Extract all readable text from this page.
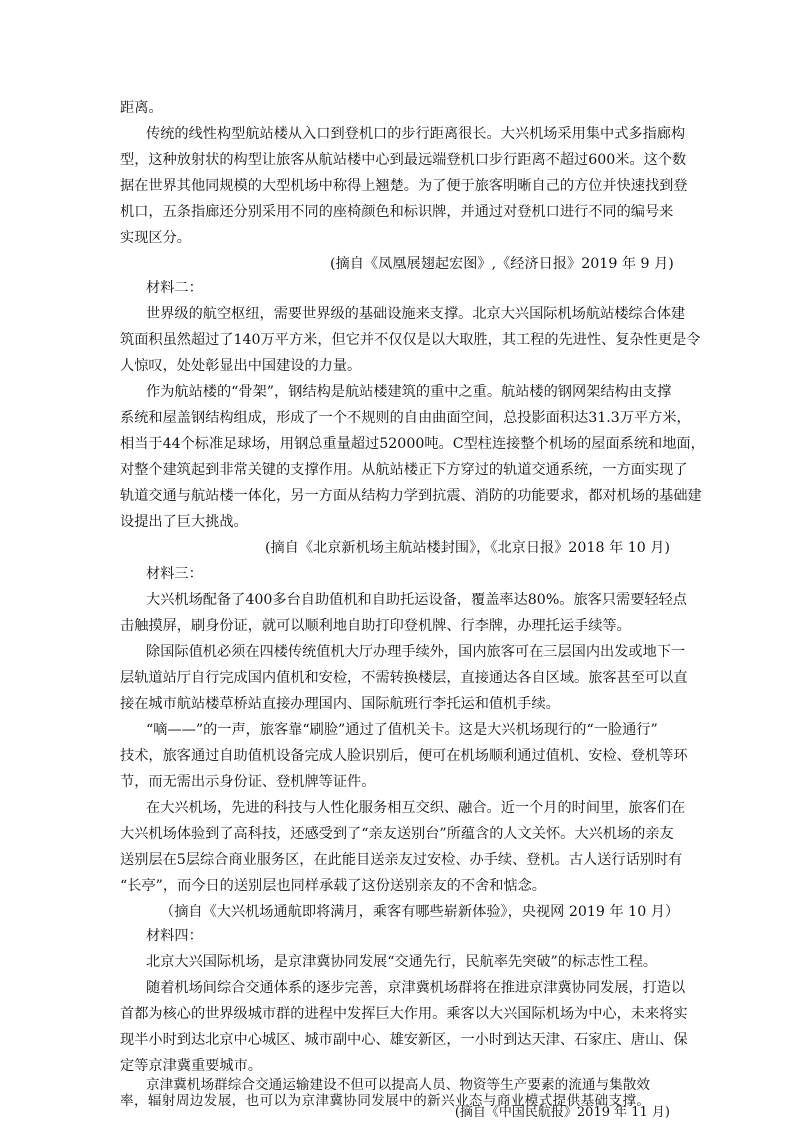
距离。
传统的线性构型航站楼从入口到登机口的步行距离很长。大兴机场采用集中式多指廊构
型，这种放射状的构型让旅客从航站楼中心到最远端登机口步行距离不超过600米。这个数
据在世界其他同规模的大型机场中称得上翘楚。为了便于旅客明晰自己的方位并快速找到登
机口，五条指廊还分别采用不同的座椅颜色和标识牌，并通过对登机口进行不同的编号来
实现区分。
(摘自《凤凰展翅起宏图》,《经济日报》2019 年 9 月)
材料二：
世界级的航空枢纽，需要世界级的基础设施来支撑。北京大兴国际机场航站楼综合体建
筑面积虽然超过了140万平方米，但它并不仅仅是以大取胜，其工程的先进性、复杂性更是令
人惊叹，处处彰显出中国建设的力量。
作为航站楼的“骨架”，钢结构是航站楼建筑的重中之重。航站楼的钢网架结构由支撑
系统和屋盖钢结构组成，形成了一个不规则的自由曲面空间，总投影面积达31.3万平方米，
相当于44个标准足球场，用钢总重量超过52000吨。C型柱连接整个机场的屋面系统和地面，
对整个建筑起到非常关键的支撑作用。从航站楼正下方穿过的轨道交通系统，一方面实现了
轨道交通与航站楼一体化，另一方面从结构力学到抗震、消防的功能要求，都对机场的基础建
设提出了巨大挑战。
(摘自《北京新机场主航站楼封围》，《北京日报》2018 年 10 月)
材料三：
大兴机场配备了400多台自助值机和自助托运设备，覆盖率达80%。旅客只需要轻轻点
击触摸屏，刷身份证，就可以顺利地自助打印登机牌、行李牌，办理托运手续等。
除国际值机必须在四楼传统值机大厅办理手续外，国内旅客可在三层国内出发或地下一
层轨道站厅自行完成国内值机和安检，不需转换楼层，直接通达各自区域。旅客甚至可以直
接在城市航站楼草桥站直接办理国内、国际航班行李托运和值机手续。
“嘀——”的一声，旅客靠“刷脸”通过了值机关卡。这是大兴机场现行的“一脸通行”
技术，旅客通过自助值机设备完成人脸识别后，便可在机场顺利通过值机、安检、登机等环
节，而无需出示身份证、登机牌等证件。
在大兴机场，先进的科技与人性化服务相互交织、融合。近一个月的时间里，旅客们在
大兴机场体验到了高科技，还感受到了“亲友送别台”所蕴含的人文关怀。大兴机场的亲友
送别层在5层综合商业服务区，在此能目送亲友过安检、办手续、登机。古人送行话别时有
“长亭”，而今日的送别层也同样承载了这份送别亲友的不舍和惦念。
（摘自《大兴机场通航即将满月，乘客有哪些崭新体验》，央视网 2019 年 10 月）
材料四：
北京大兴国际机场，是京津冀协同发展“交通先行，民航率先突破”的标志性工程。
随着机场间综合交通体系的逐步完善，京津冀机场群将在推进京津冀协同发展，打造以
首都为核心的世界级城市群的进程中发挥巨大作用。乘客以大兴国际机场为中心，未来将实
现半小时到达北京中心城区、城市副中心、雄安新区，一小时到达天津、石家庄、唐山、保
定等京津冀重要城市。
京津冀机场群综合交通运输建设不但可以提高人员、物资等生产要素的流通与集散效
率，辐射周边发展，也可以为京津冀协同发展中的新兴业态与商业模式提供基础支撑。
(摘自《中国民航报》2019 年 11 月)
